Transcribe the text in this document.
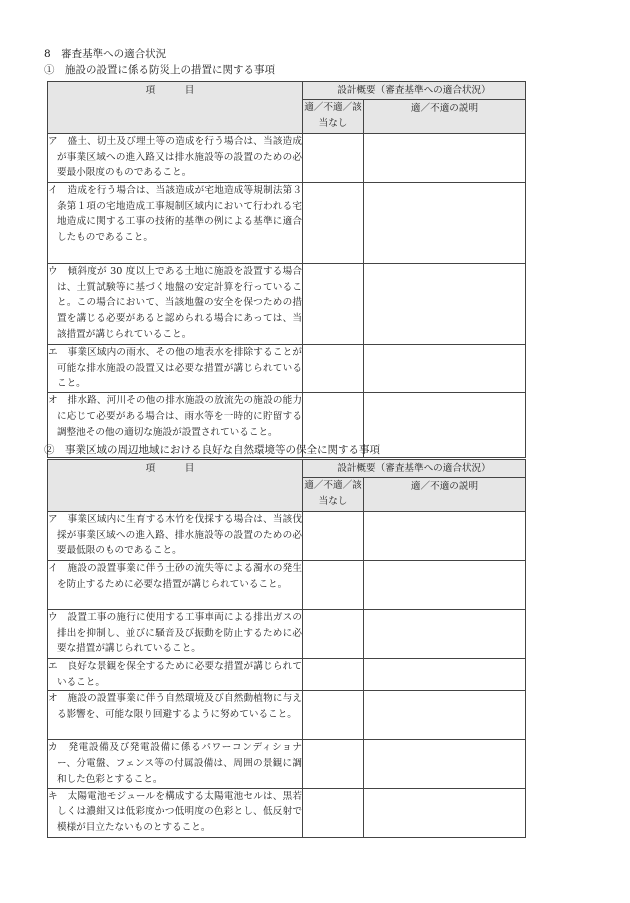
8　審査基準への適合状況
①　施設の設置に係る防災上の措置に関する事項
項　目	設計概要（審査基準への適合状況）	
	適／不適／該当なし	適／不適の説明

ア　盛土、切土及び埋土等の造成を行う場合は、当該造成が事業区域への進入路又は排水施設等の設置のための必要最小限度のものであること。		

イ　造成を行う場合は、当該造成が宅地造成等規制法第３条第１項の宅地造成工事規制区域内において行われる宅地造成に関する工事の技術的基準の例による基準に適合したものであること。		

ウ　傾斜度が 30 度以上である土地に施設を設置する場合は、土質試験等に基づく地盤の安定計算を行っていること。この場合において、当該地盤の安全を保つための措置を講じる必要があると認められる場合にあっては、当該措置が講じられていること。		

エ　事業区域内の雨水、その他の地表水を排除することが可能な排水施設の設置又は必要な措置が講じられていること。		

オ　排水路、河川その他の排水施設の放流先の施設の能力に応じて必要がある場合は、雨水等を一時的に貯留する調整池その他の適切な施設が設置されていること。		

②　事業区域の周辺地域における良好な自然環境等の保全に関する事項
項　目	設計概要（審査基準への適合状況）	
	適／不適／該当なし	適／不適の説明

ア　事業区域内に生育する木竹を伐採する場合は、当該伐採が事業区域への進入路、排水施設等の設置のための必要最低限のものであること。		

イ　施設の設置事業に伴う土砂の流失等による濁水の発生を防止するために必要な措置が講じられていること。		

ウ　設置工事の施行に使用する工事車両による排出ガスの排出を抑制し、並びに騒音及び振動を防止するために必要な措置が講じられていること。		

エ　良好な景観を保全するために必要な措置が講じられていること。		

オ　施設の設置事業に伴う自然環境及び自然動植物に与える影響を、可能な限り回避するように努めていること。		

カ　発電設備及び発電設備に係るパワーコンディショナー、分電盤、フェンス等の付属設備は、周囲の景観に調和した色彩とすること。		

キ　太陽電池モジュールを構成する太陽電池セルは、黒若しくは濃紺又は低彩度かつ低明度の色彩とし、低反射で模様が目立たないものとすること。		
